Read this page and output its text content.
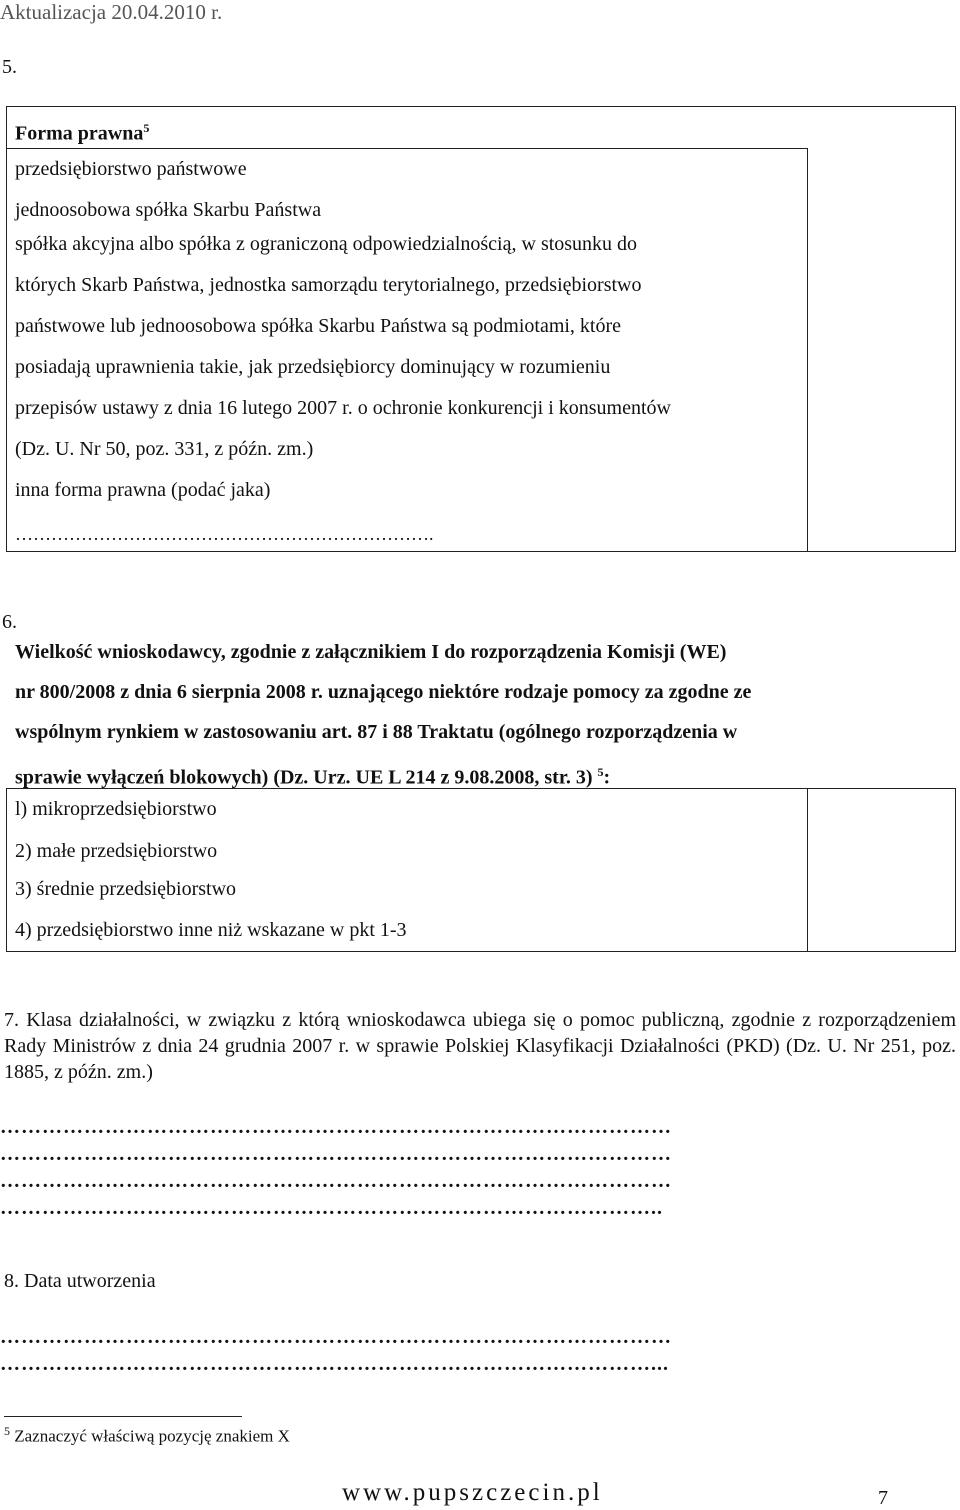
Aktualizacja 20.04.2010 r.
5.
Forma prawna$^5$
przedsiębiorstwo państwowe
jednoosobowa spółka Skarbu Państwa
spółka akcyjna albo spółka z ograniczoną odpowiedzialnością, w stosunku do
których Skarb Państwa, jednostka samorządu terytorialnego, przedsiębiorstwo
państwowe lub jednoosobowa spółka Skarbu Państwa są podmiotami, które
posiadają uprawnienia takie, jak przedsiębiorcy dominujący w rozumieniu
przepisów ustawy z dnia 16 lutego 2007 r. o ochronie konkurencji i konsumentów
(Dz. U. Nr 50, poz. 331, z późn. zm.)
inna forma prawna (podać jaka)
…………………………………………………………….
6.
Wielkość wnioskodawcy, zgodnie z załącznikiem I do rozporządzenia Komisji (WE)
nr 800/2008 z dnia 6 sierpnia 2008 r. uznającego niektóre rodzaje pomocy za zgodne ze
wspólnym rynkiem w zastosowaniu art. 87 i 88 Traktatu (ogólnego rozporządzenia w
sprawie wyłączeń blokowych) (Dz. Urz. UE L 214 z 9.08.2008, str. 3) $^5$:
l) mikroprzedsiębiorstwo
2) małe przedsiębiorstwo
3) średnie przedsiębiorstwo
4) przedsiębiorstwo inne niż wskazane w pkt 1-3
7. Klasa działalności, w związku z którą wnioskodawca ubiega się o pomoc publiczną, zgodnie z rozporządzeniem Rady Ministrów z dnia 24 grudnia 2007 r. w sprawie Polskiej Klasyfikacji Działalności (PKD) (Dz. U. Nr 251, poz. 1885, z późn. zm.)
……………………………………………………………………………………
……………………………………………………………………………………
……………………………………………………………………………………
…………………………………………………………………………………..
8. Data utworzenia
……………………………………………………………………………………
…………………………………………………………………………………...
$^5$ Zaznaczyć właściwą pozycję znakiem X
www.pupszczecin.pl	7
